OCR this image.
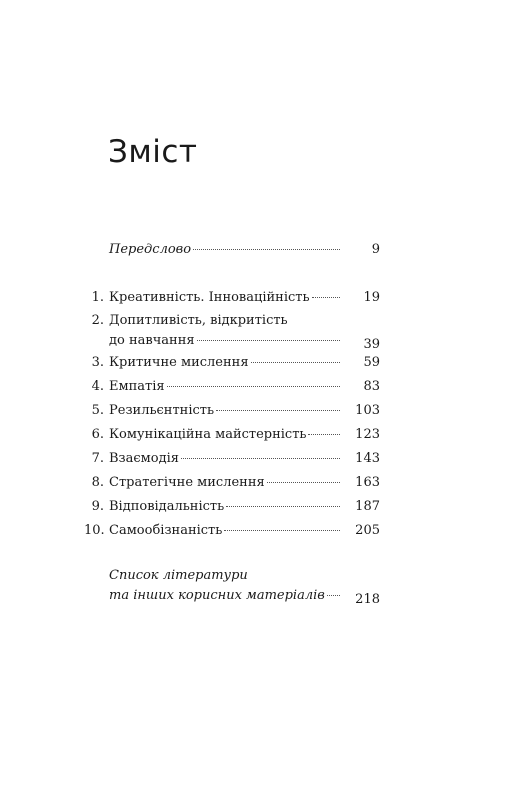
Зміст
Передслово	9
1. Креативність. Інноваційність	19
2. Допитливість, відкритість
до навчання	39
3. Критичне мислення	59
4. Емпатія	83
5. Резильєнтність	103
6. Комунікаційна майстерність	123
7. Взаємодія	143
8. Стратегічне мислення	163
9. Відповідальність	187
10. Самообізнаність	205
Список літератури
та інших корисних матеріалів 218
